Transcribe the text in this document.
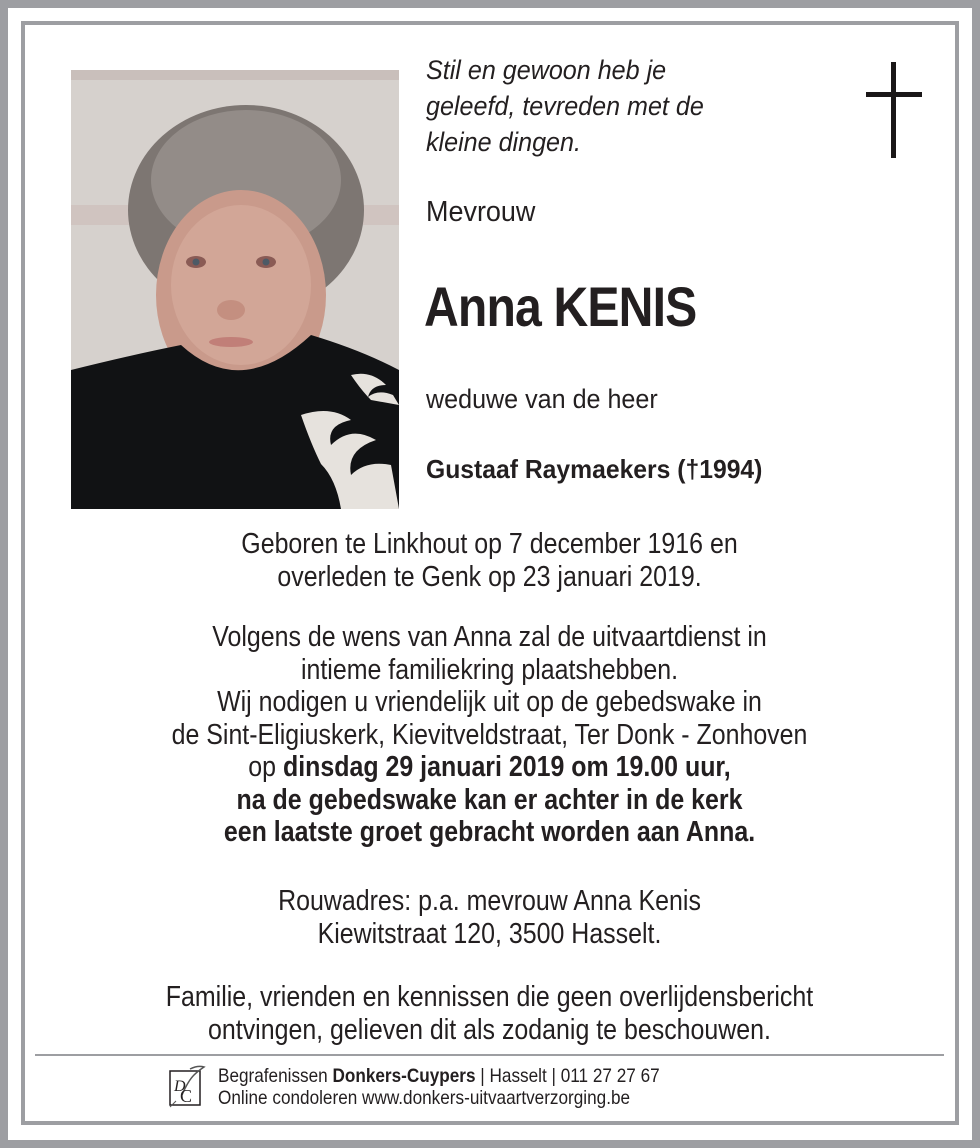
Stil en gewoon heb je

geleefd, tevreden met de

kleine dingen.

Mevrouw
Anna KENIS
weduwe van de heer
Gustaaf Raymaekers (†1994)
Geboren te Linkhout op 7 december 1916 en
overleden te Genk op 23 januari 2019.
Volgens de wens van Anna zal de uitvaartdienst in
intieme familiekring plaatshebben.
Wij nodigen u vriendelijk uit op de gebedswake in
de Sint-Eligiuskerk, Kievitveldstraat, Ter Donk - Zonhoven
op dinsdag 29 januari 2019 om 19.00 uur,
na de gebedswake kan er achter in de kerk
een laatste groet gebracht worden aan Anna.
Rouwadres: p.a. mevrouw Anna Kenis
Kiewitstraat 120, 3500 Hasselt.
Familie, vrienden en kennissen die geen overlijdensbericht
ontvingen, gelieven dit als zodanig te beschouwen.
D
C
Begrafenissen Donkers-Cuypers | Hasselt | 011 27 27 67
Online condoleren www.donkers-uitvaartverzorging.be
